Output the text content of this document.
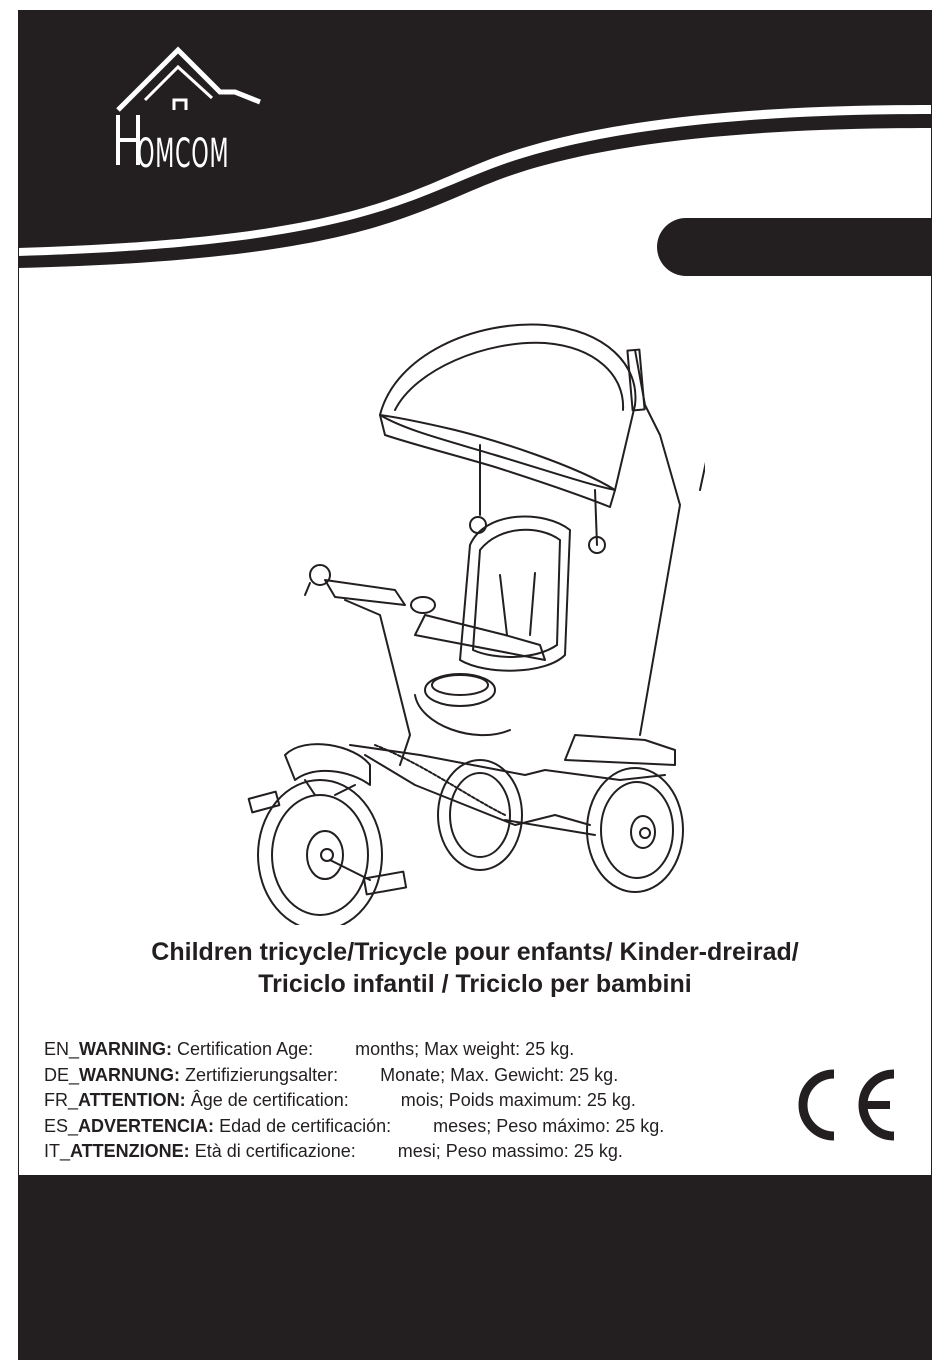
OMCOM
Children tricycle/Tricycle pour enfants/ Kinder-dreirad/
Triciclo infantil / Triciclo per bambini
EN_WARNING: Certification Age: months; Max weight: 25 kg.
DE_WARNUNG: Zertifizierungsalter: Monate; Max. Gewicht: 25 kg.
FR_ATTENTION: Âge de certification:	mois; Poids maximum: 25 kg.
ES_ADVERTENCIA: Edad de certificación: meses; Peso máximo: 25 kg.
IT_ATTENZIONE: Età di certificazione: mesi; Peso massimo: 25 kg.
